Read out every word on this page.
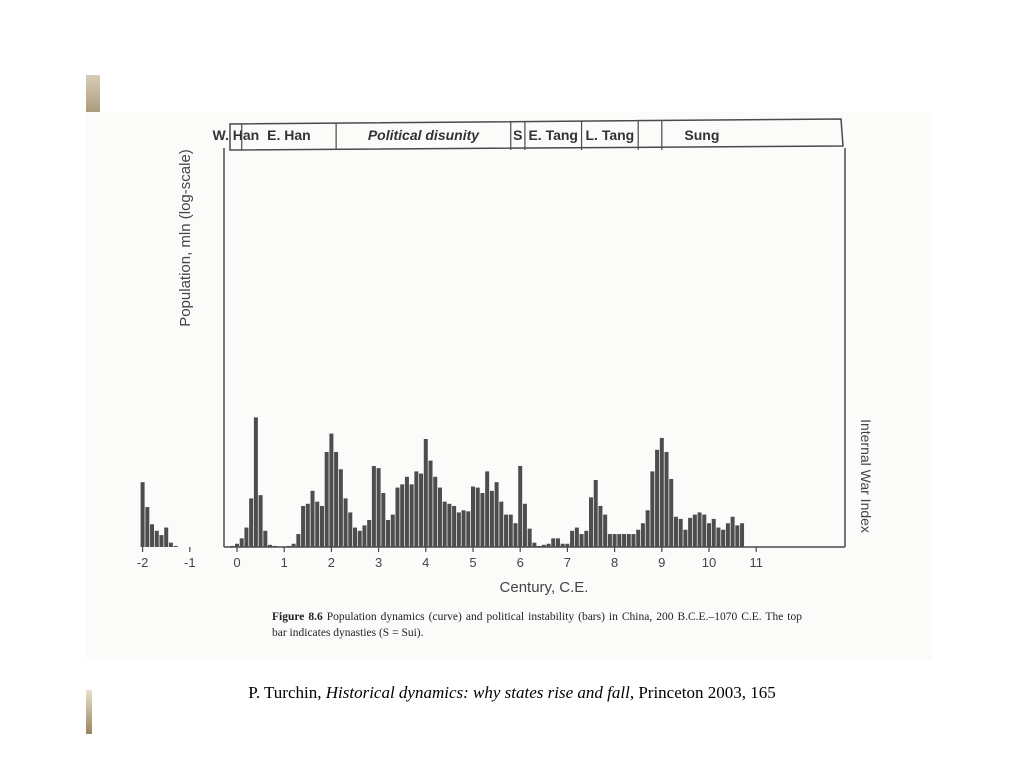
W. Han E. Han	Political disunity S E. Tang L. Tang	Sung
-2	-1	0	1	2	3	4	5	6	7	8	9	10	11
Population, mln (log-scale)
Century, C.E.
Internal War Index
Figure 8.6 Population dynamics (curve) and political instability (bars) in China, 200 B.C.E.–1070 C.E. The top bar indicates dynasties (S = Sui).
P. Turchin, Historical dynamics: why states rise and fall, Princeton 2003, 165
